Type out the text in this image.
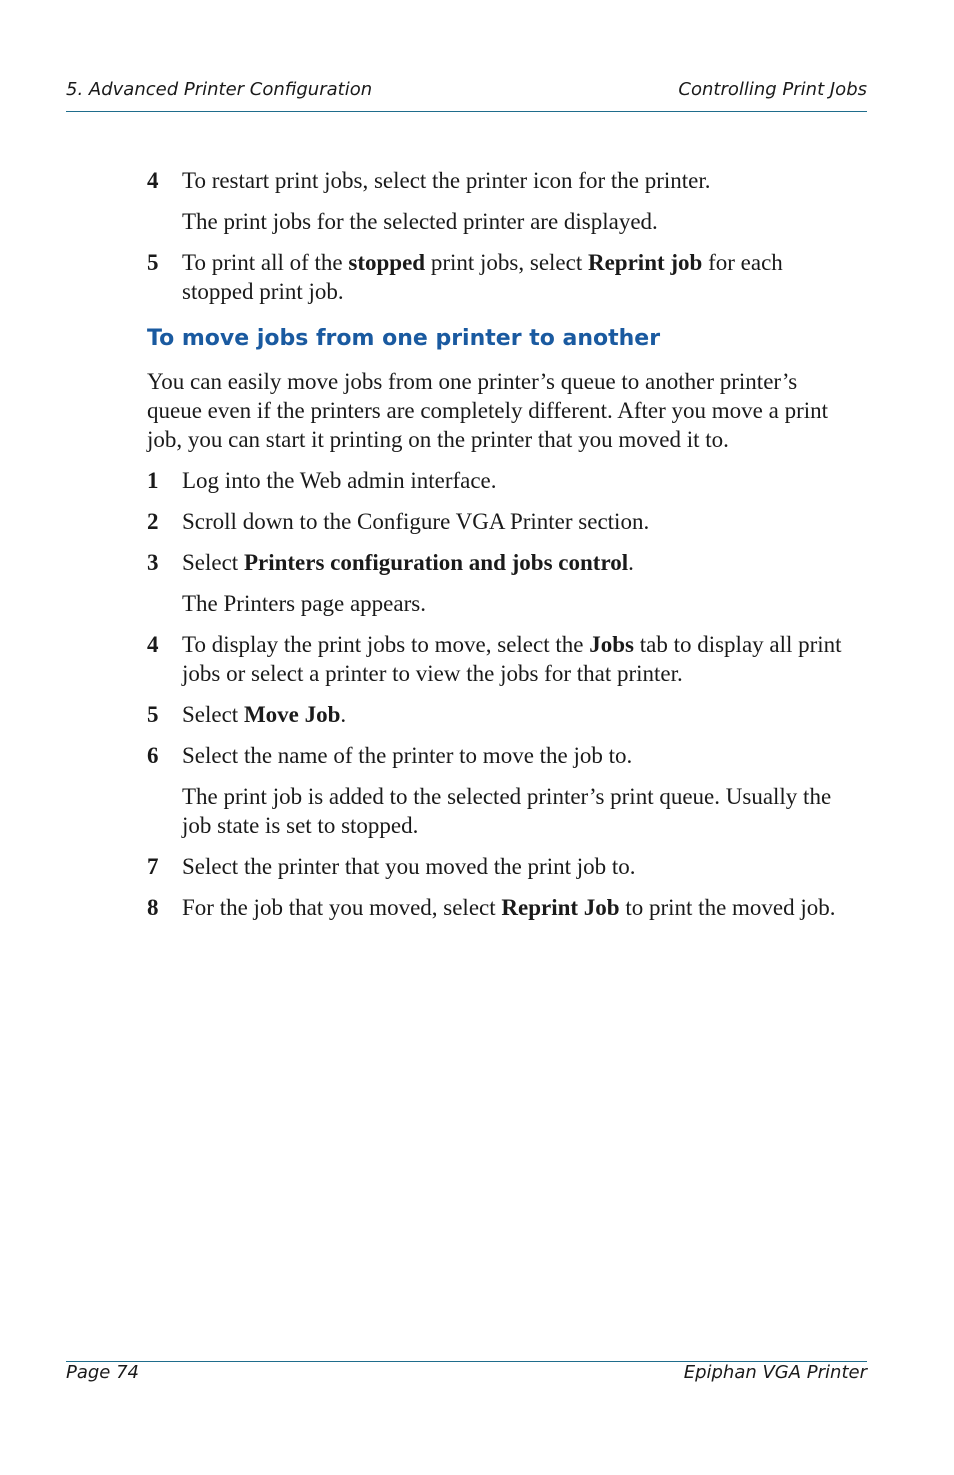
5. Advanced Printer Configuration	Controlling Print Jobs
4 To restart print jobs, select the printer icon for the printer.
The print jobs for the selected printer are displayed.
5 To print all of the stopped print jobs, select Reprint job for each stopped print job.
To move jobs from one printer to another
You can easily move jobs from one printer’s queue to another printer’s queue even if the printers are completely different. After you move a print job, you can start it printing on the printer that you moved it to.
1 Log into the Web admin interface.
2 Scroll down to the Configure VGA Printer section.
3 Select Printers configuration and jobs control.
The Printers page appears.
4 To display the print jobs to move, select the Jobs tab to display all print jobs or select a printer to view the jobs for that printer.
5 Select Move Job.
6 Select the name of the printer to move the job to.
The print job is added to the selected printer’s print queue. Usually the job state is set to stopped.
7 Select the printer that you moved the print job to.
8 For the job that you moved, select Reprint Job to print the moved job.
Page 74	Epiphan VGA Printer
